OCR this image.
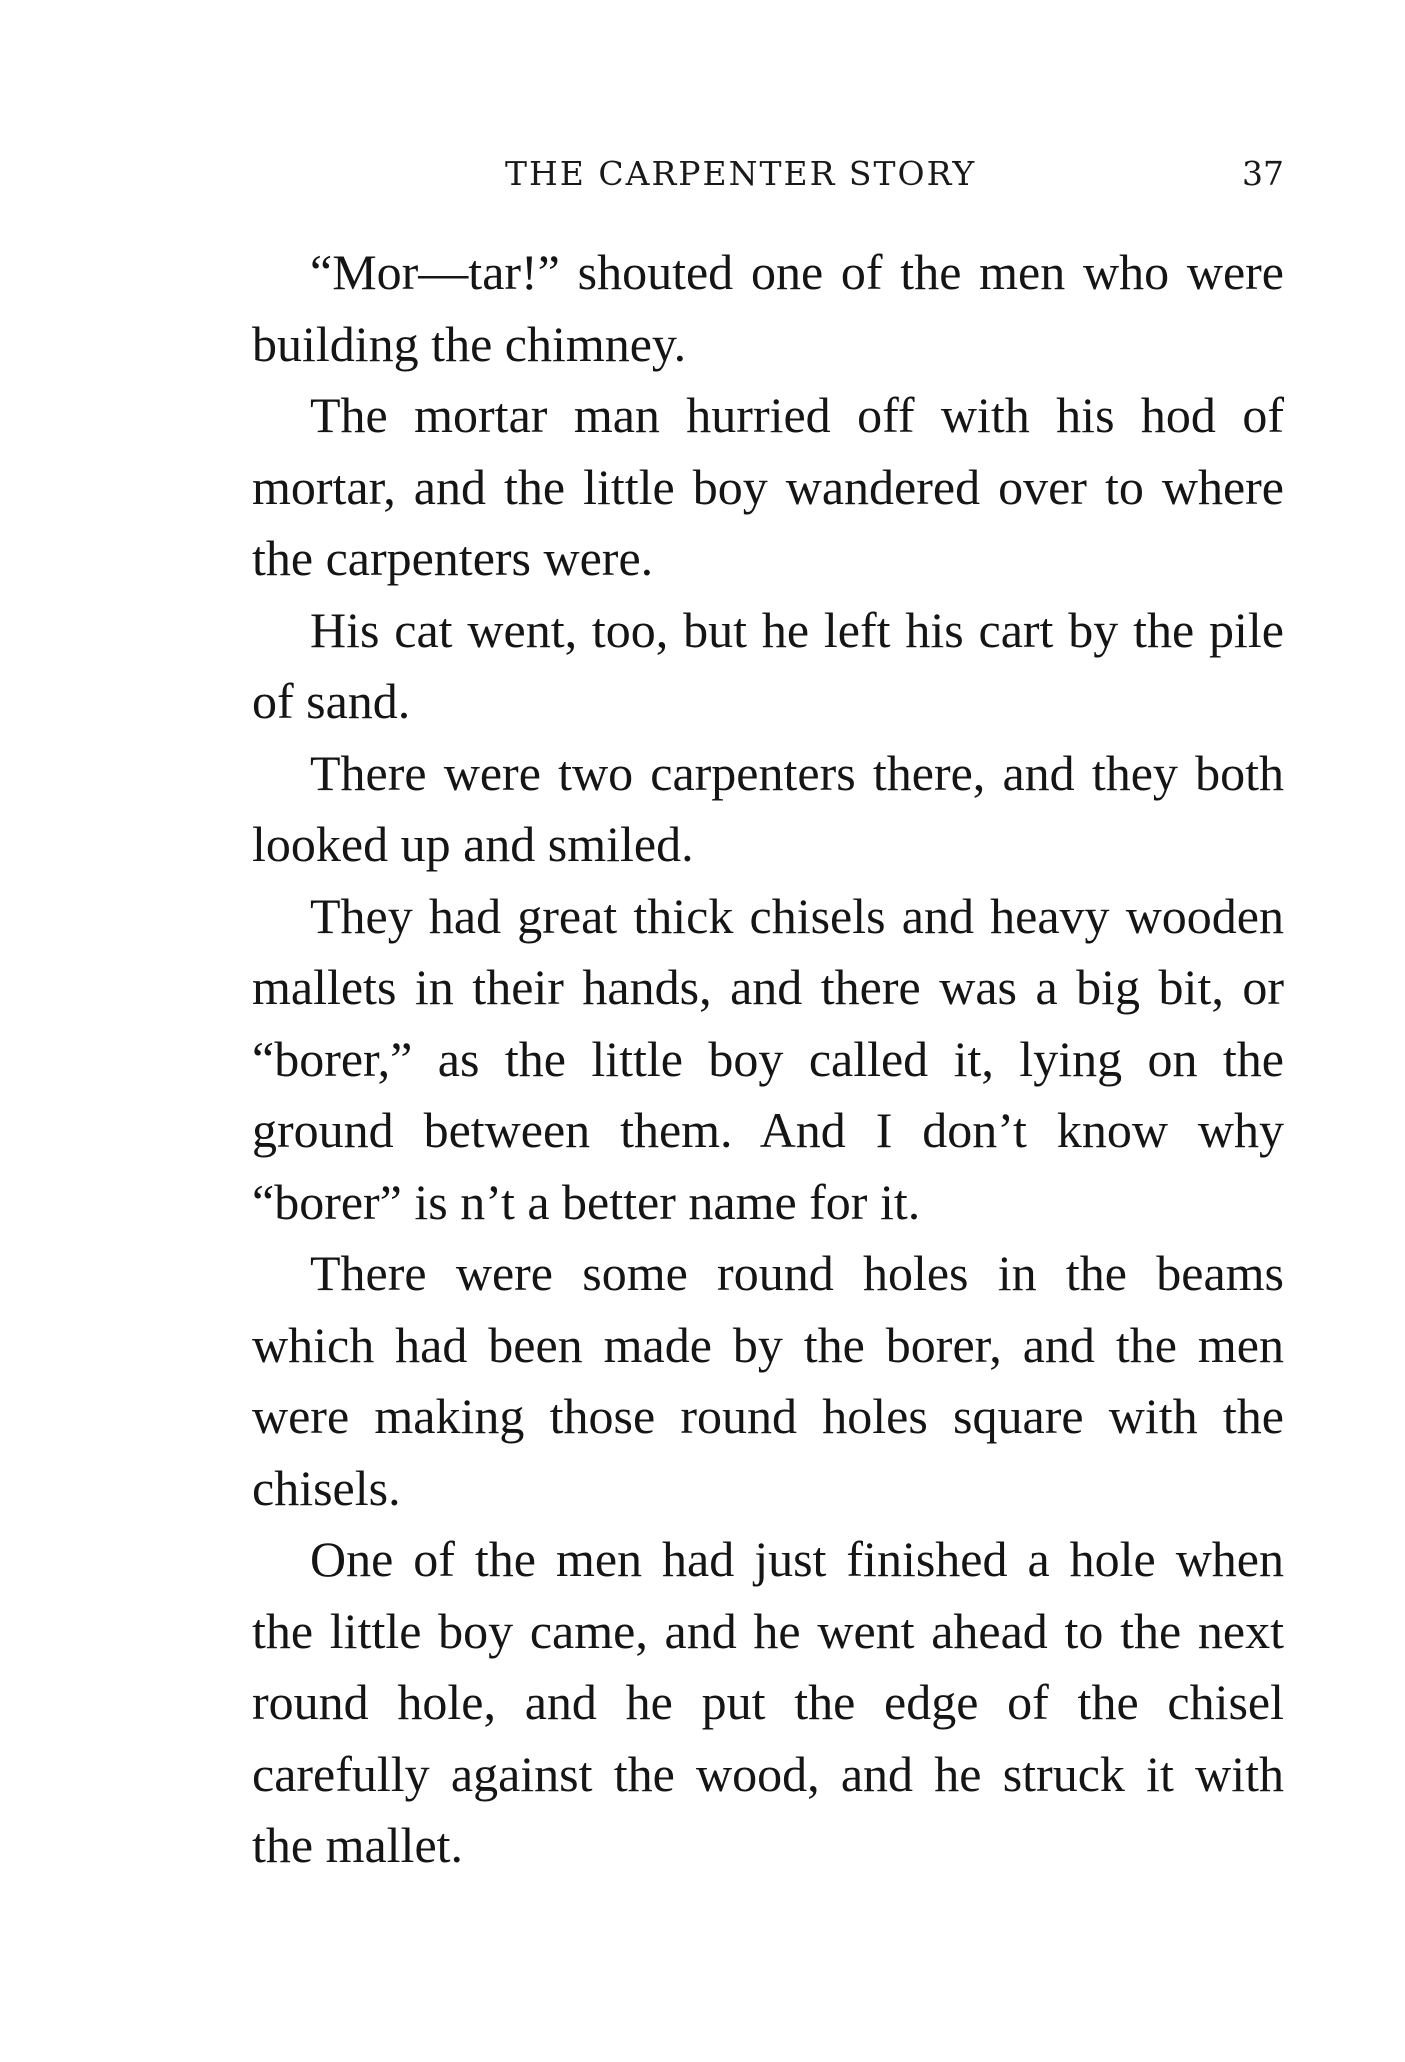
THE CARPENTER STORY	37

“Mor—tar!” shouted one of the men who were building the chimney.

The mortar man hurried off with his hod of mortar, and the little boy wandered over to where the carpenters were.

His cat went, too, but he left his cart by the pile of sand.

There were two carpenters there, and they both looked up and smiled.

They had great thick chisels and heavy wooden mallets in their hands, and there was a big bit, or “borer,” as the little boy called it, lying on the ground between them. And I don’t know why “borer” is n’t a better name for it.

There were some round holes in the beams which had been made by the borer, and the men were making those round holes square with the chisels.

One of the men had just finished a hole when the little boy came, and he went ahead to the next round hole, and he put the edge of the chisel carefully against the wood, and he struck it with the mallet.
